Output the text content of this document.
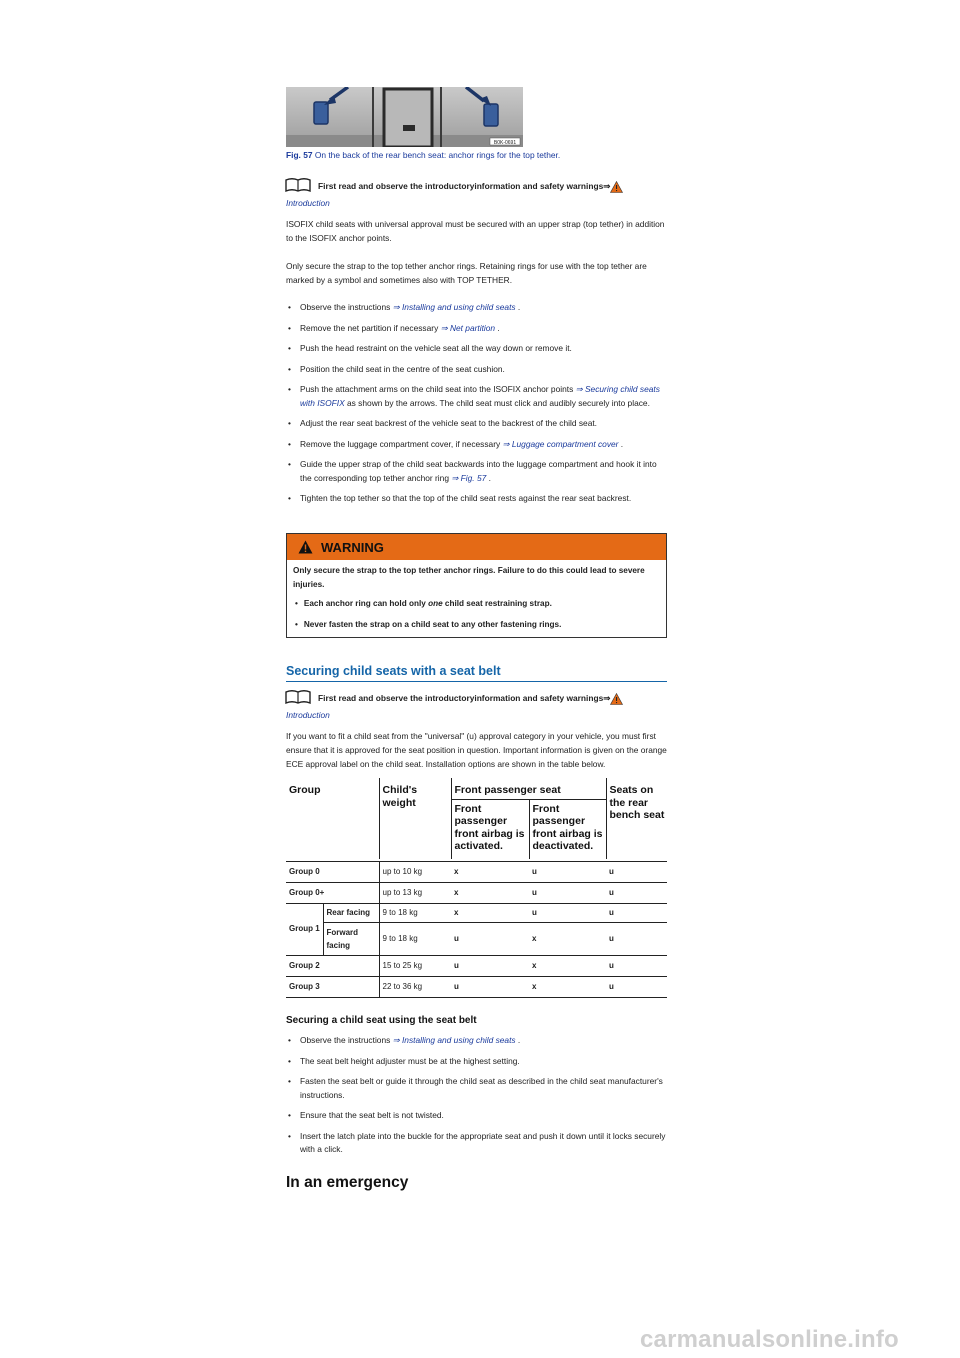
B0K-0691
Fig. 57 On the back of the rear bench seat: anchor rings for the top tether.
First read and observe the introductoryinformation and safety warnings⇒
Introduction

ISOFIX child seats with universal approval must be secured with an upper strap (top tether) in addition to the ISOFIX anchor points.

Only secure the strap to the top tether anchor rings. Retaining rings for use with the top tether are marked by a symbol and sometimes also with TOP TETHER.

• Observe the instructions ⇒ Installing and using child seats .
• Remove the net partition if necessary ⇒ Net partition .
• Push the head restraint on the vehicle seat all the way down or remove it.
• Position the child seat in the centre of the seat cushion.
• Push the attachment arms on the child seat into the ISOFIX anchor points ⇒ Securing child seats with ISOFIX as shown by the arrows. The child seat must click and audibly securely into place.
• Adjust the rear seat backrest of the vehicle seat to the backrest of the child seat.
• Remove the luggage compartment cover, if necessary ⇒ Luggage compartment cover .
• Guide the upper strap of the child seat backwards into the luggage compartment and hook it into the corresponding top tether anchor ring ⇒ Fig. 57 .
• Tighten the top tether so that the top of the child seat rests against the rear seat backrest.
WARNING
Only secure the strap to the top tether anchor rings. Failure to do this could lead to severe injuries.
• Each anchor ring can hold only one child seat restraining strap.
• Never fasten the strap on a child seat to any other fastening rings.
Securing child seats with a seat belt
First read and observe the introductoryinformation and safety warnings⇒
Introduction

If you want to fit a child seat from the "universal" (u) approval category in your vehicle, you must first ensure that it is approved for the seat position in question. Important information is given on the orange ECE approval label on the child seat. Installation options are shown in the table below.

Group		Child's weight	Front passenger seat		Seats on the rear bench seat
			Front passenger front airbag is activated.	Front passenger front airbag is deactivated.	

Group 0		up to 10 kg	x	u	u
Group 0+		up to 13 kg	x	u	u
Group 1	Rear facing	9 to 18 kg	x	u	u
	Forward facing	9 to 18 kg	u	x	u
Group 2		15 to 25 kg	u	x	u
Group 3		22 to 36 kg	u	x	u
Securing a child seat using the seat belt
• Observe the instructions ⇒ Installing and using child seats .
• The seat belt height adjuster must be at the highest setting.
• Fasten the seat belt or guide it through the child seat as described in the child seat manufacturer's instructions.
• Ensure that the seat belt is not twisted.
• Insert the latch plate into the buckle for the appropriate seat and push it down until it locks securely with a click.
In an emergency
carmanualsonline.info
